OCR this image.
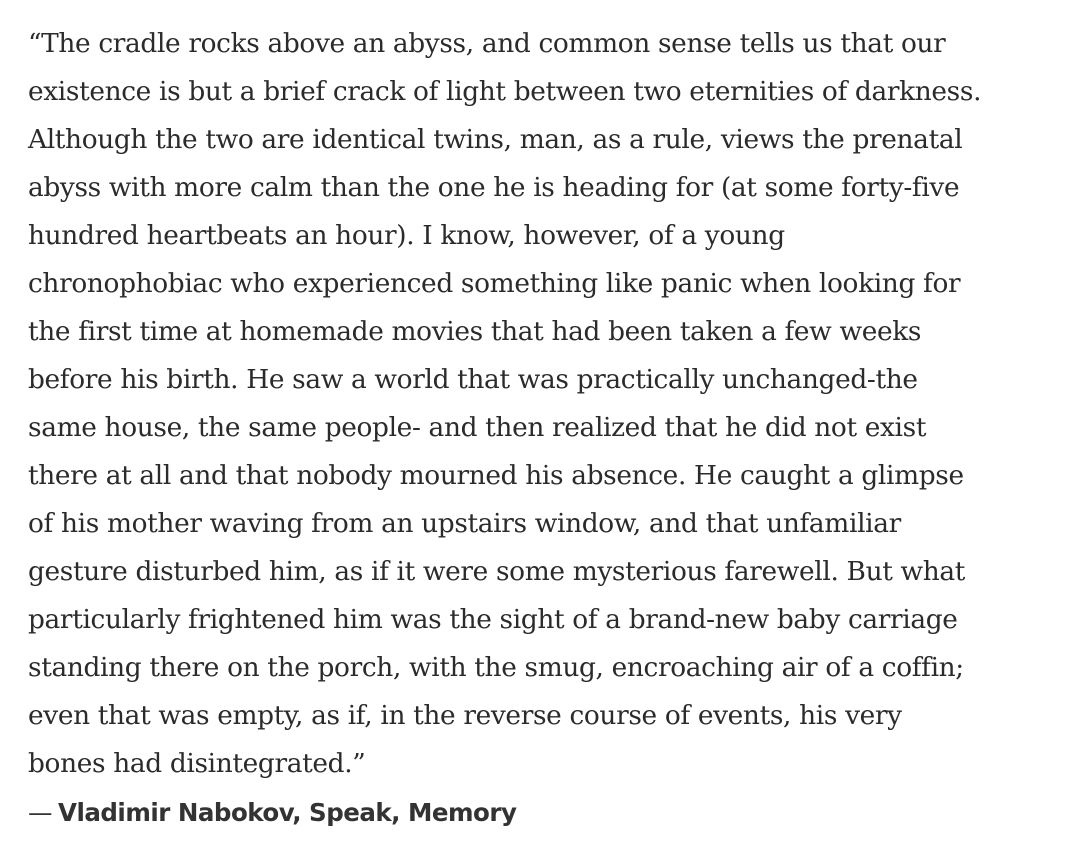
“The cradle rocks above an abyss, and common sense tells us that our
existence is but a brief crack of light between two eternities of darkness.
Although the two are identical twins, man, as a rule, views the prenatal
abyss with more calm than the one he is heading for (at some forty-five
hundred heartbeats an hour). I know, however, of a young
chronophobiac who experienced something like panic when looking for
the first time at homemade movies that had been taken a few weeks
before his birth. He saw a world that was practically unchanged-the
same house, the same people- and then realized that he did not exist
there at all and that nobody mourned his absence. He caught a glimpse
of his mother waving from an upstairs window, and that unfamiliar
gesture disturbed him, as if it were some mysterious farewell. But what
particularly frightened him was the sight of a brand-new baby carriage
standing there on the porch, with the smug, encroaching air of a coffin;
even that was empty, as if, in the reverse course of events, his very
bones had disintegrated.”
— Vladimir Nabokov, Speak, Memory
